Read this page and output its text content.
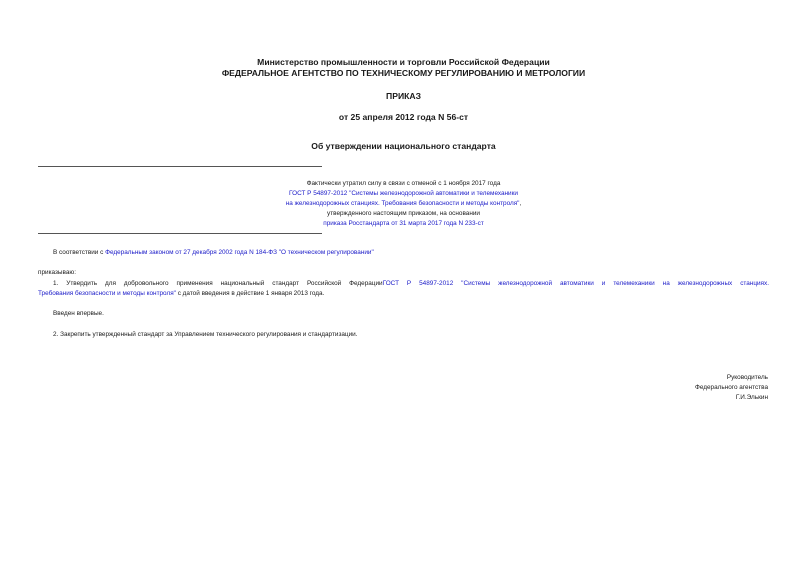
Министерство промышленности и торговли Российской Федерации
ФЕДЕРАЛЬНОЕ АГЕНТСТВО ПО ТЕХНИЧЕСКОМУ РЕГУЛИРОВАНИЮ И МЕТРОЛОГИИ
ПРИКАЗ
от 25 апреля 2012 года N 56-ст
Об утверждении национального стандарта
Фактически утратил силу в связи с отменой с 1 ноября 2017 года
ГОСТ Р 54897-2012 "Системы железнодорожной автоматики и телемеханики
на железнодорожных станциях. Требования безопасности и методы контроля",
утвержденного настоящим приказом, на основании
приказа Росстандарта от 31 марта 2017 года N 233-ст
В соответствии с Федеральным законом от 27 декабря 2002 года N 184-ФЗ "О техническом регулировании"
приказываю:
1. Утвердить для добровольного применения национальный стандарт Российской ФедерацииГОСТ Р 54897-2012 "Системы железнодорожной автоматики и телемеханики на железнодорожных станциях.
Требования безопасности и методы контроля" с датой введения в действие 1 января 2013 года.
Введен впервые.
2. Закрепить утвержденный стандарт за Управлением технического регулирования и стандартизации.
Руководитель
Федерального агентства
Г.И.Элькин
